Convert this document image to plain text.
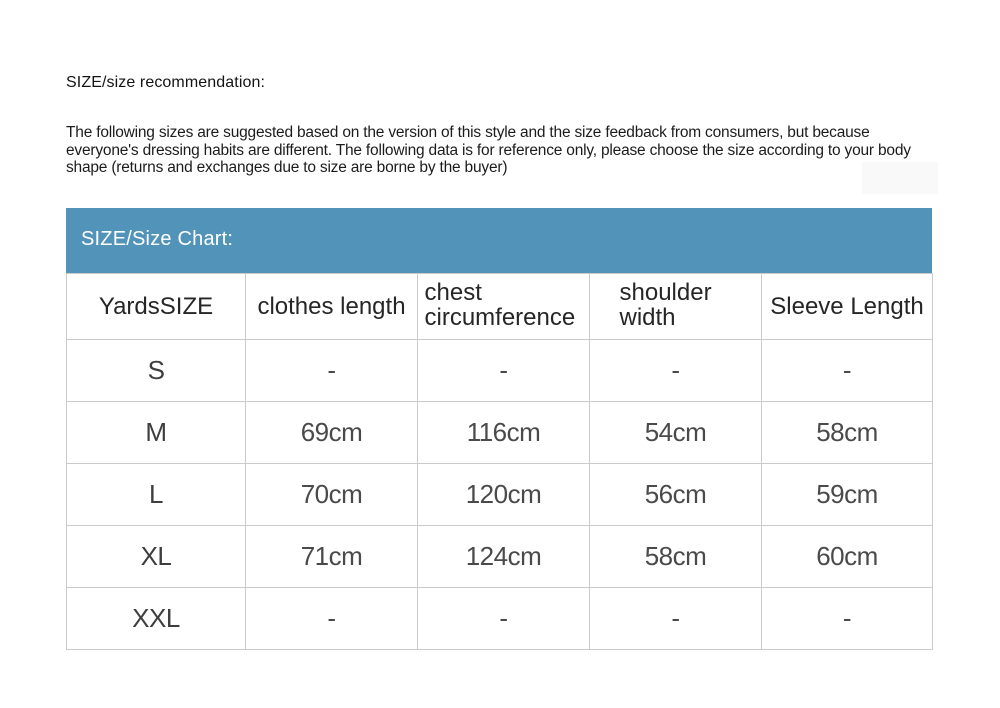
SIZE/size recommendation:
The following sizes are suggested based on the version of this style and the size feedback from consumers, but because everyone's dressing habits are different. The following data is for reference only, please choose the size according to your body shape (returns and exchanges due to size are borne by the buyer)
SIZE/Size Chart:
YardsSIZE	clothes length	chest circumference	shoulder width	Sleeve Length
S	-	-	-	-
M	69cm	116cm	54cm	58cm
L	70cm	120cm	56cm	59cm
XL	71cm	124cm	58cm	60cm
XXL	-	-	-	-
